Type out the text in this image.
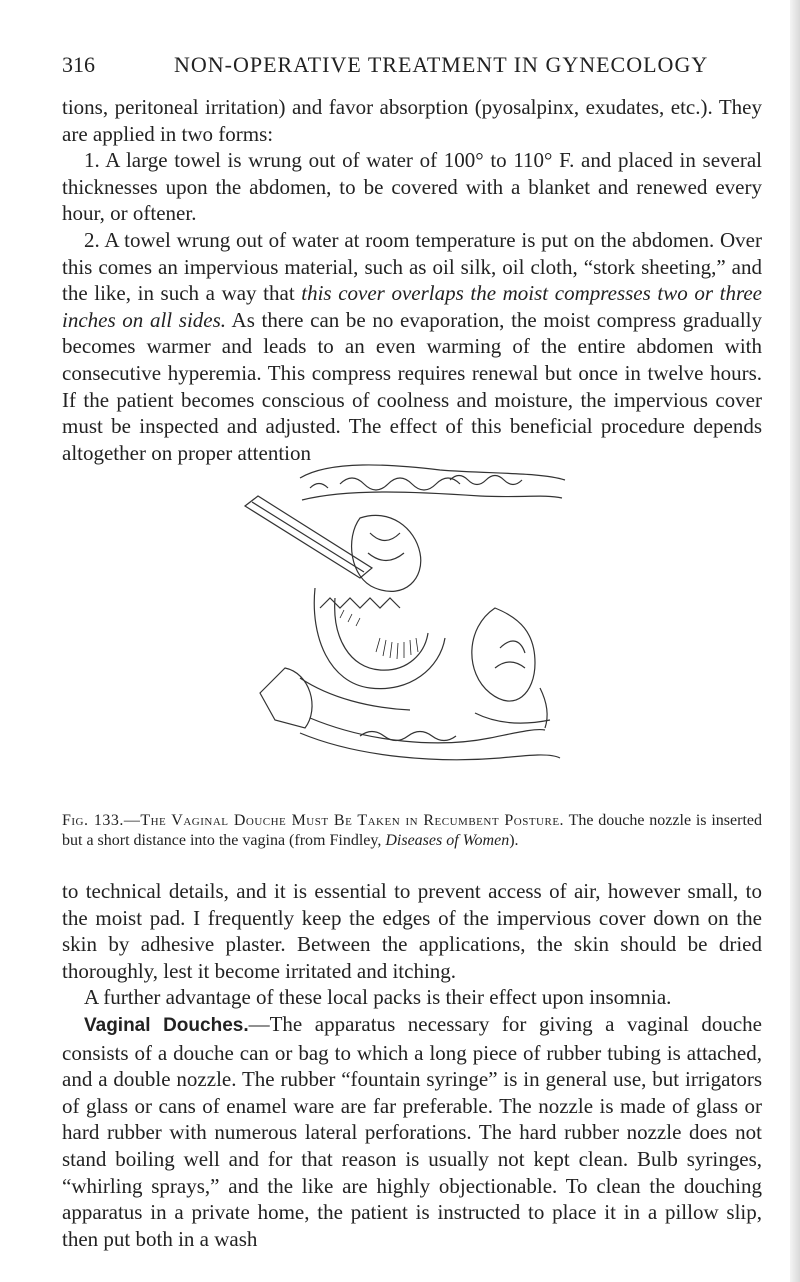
316	NON-OPERATIVE TREATMENT IN GYNECOLOGY

tions, peritoneal irritation) and favor absorption (pyosalpinx, exudates, etc.). They are applied in two forms:

1. A large towel is wrung out of water of 100° to 110° F. and placed in several thicknesses upon the abdomen, to be covered with a blanket and renewed every hour, or oftener.

2. A towel wrung out of water at room temperature is put on the abdomen. Over this comes an impervious material, such as oil silk, oil cloth, “stork sheeting,” and the like, in such a way that this cover overlaps the moist compresses two or three inches on all sides. As there can be no evaporation, the moist compress gradually becomes warmer and leads to an even warming of the entire abdomen with consecutive hyperemia. This compress requires renewal but once in twelve hours. If the patient becomes conscious of coolness and moisture, the impervious cover must be inspected and adjusted. The effect of this beneficial procedure depends altogether on proper attention

Fig. 133.—The Vaginal Douche Must Be Taken in Recumbent Posture. The douche nozzle is inserted but a short distance into the vagina (from Findley, Diseases of Women).

to technical details, and it is essential to prevent access of air, however small, to the moist pad. I frequently keep the edges of the impervious cover down on the skin by adhesive plaster. Between the applications, the skin should be dried thoroughly, lest it become irritated and itching.

A further advantage of these local packs is their effect upon insomnia.

Vaginal Douches.—The apparatus necessary for giving a vaginal douche consists of a douche can or bag to which a long piece of rubber tubing is attached, and a double nozzle. The rubber “fountain syringe” is in general use, but irrigators of glass or cans of enamel ware are far preferable. The nozzle is made of glass or hard rubber with numerous lateral perforations. The hard rubber nozzle does not stand boiling well and for that reason is usually not kept clean. Bulb syringes, “whirling sprays,” and the like are highly objectionable. To clean the douching apparatus in a private home, the patient is instructed to place it in a pillow slip, then put both in a wash
